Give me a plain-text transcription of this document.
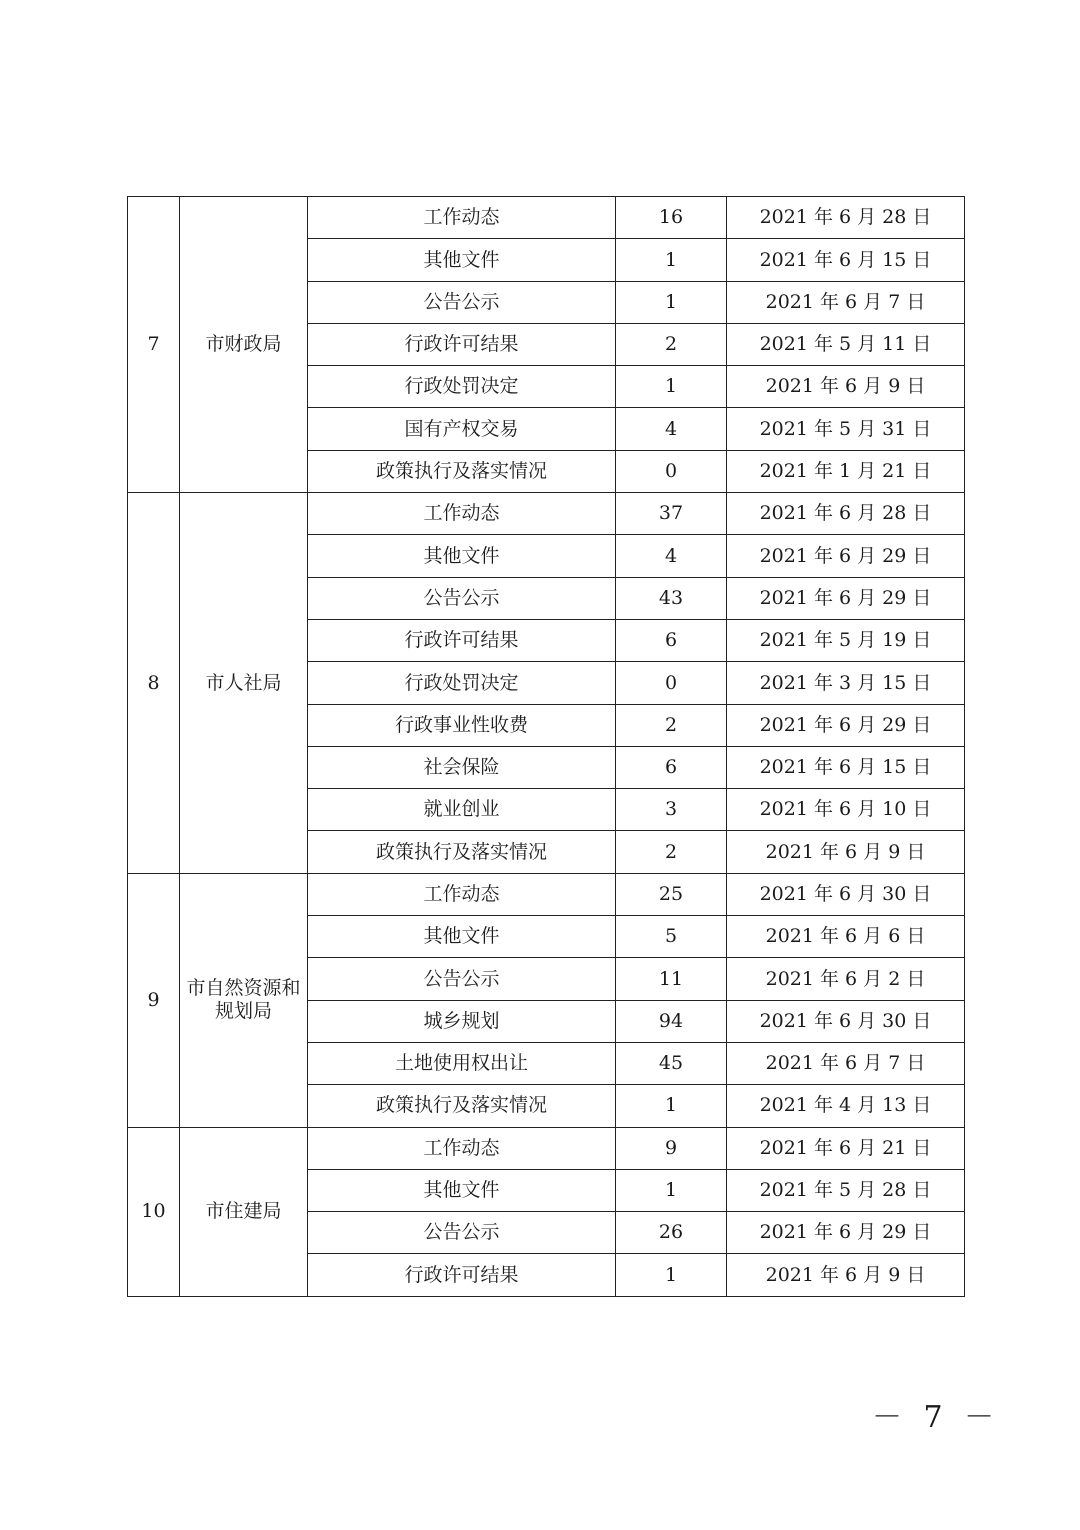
7	市财政局	工作动态	16	2021 年 6 月 28 日
		其他文件	1	2021 年 6 月 15 日
		公告公示	1	2021 年 6 月 7 日
		行政许可结果	2	2021 年 5 月 11 日
		行政处罚决定	1	2021 年 6 月 9 日
		国有产权交易	4	2021 年 5 月 31 日
		政策执行及落实情况	0	2021 年 1 月 21 日
8	市人社局	工作动态	37	2021 年 6 月 28 日
		其他文件	4	2021 年 6 月 29 日
		公告公示	43	2021 年 6 月 29 日
		行政许可结果	6	2021 年 5 月 19 日
		行政处罚决定	0	2021 年 3 月 15 日
		行政事业性收费	2	2021 年 6 月 29 日
		社会保险	6	2021 年 6 月 15 日
		就业创业	3	2021 年 6 月 10 日
		政策执行及落实情况	2	2021 年 6 月 9 日
9	市自然资源和规划局	工作动态	25	2021 年 6 月 30 日
		其他文件	5	2021 年 6 月 6 日
		公告公示	11	2021 年 6 月 2 日
		城乡规划	94	2021 年 6 月 30 日
		土地使用权出让	45	2021 年 6 月 7 日
		政策执行及落实情况	1	2021 年 4 月 13 日
10	市住建局	工作动态	9	2021 年 6 月 21 日
		其他文件	1	2021 年 5 月 28 日
		公告公示	26	2021 年 6 月 29 日
		行政许可结果	1	2021 年 6 月 9 日
－ 7 －
